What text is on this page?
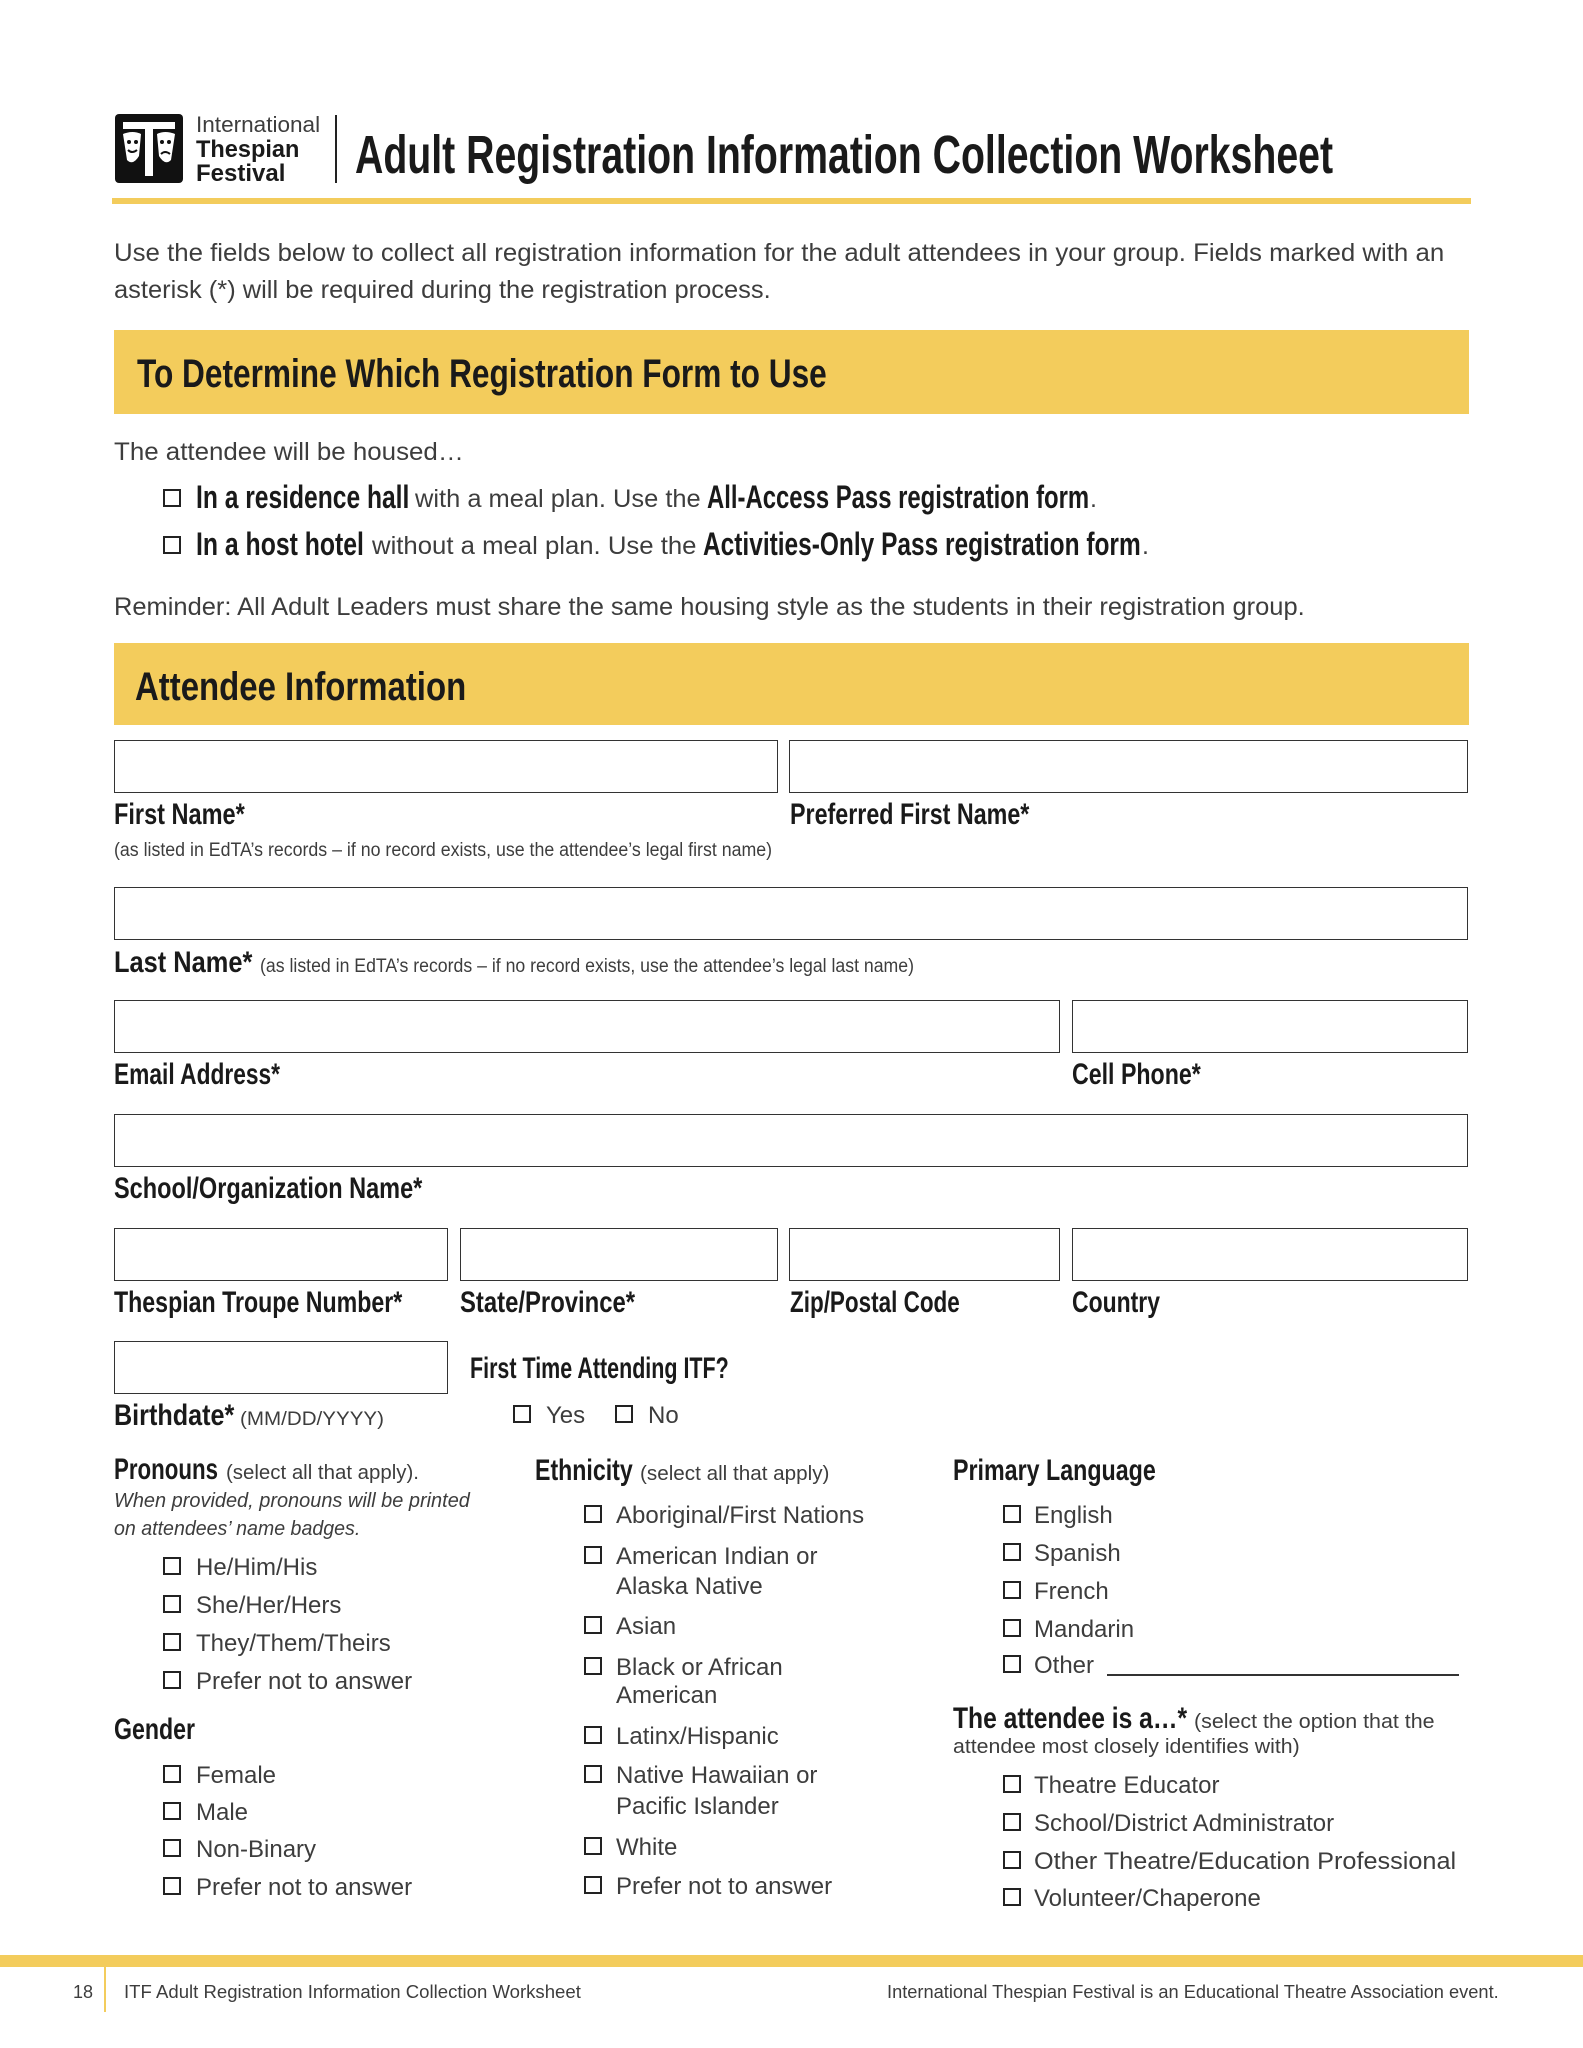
International
Thespian
Festival Adult Registration Information Collection Worksheet
Use the fields below to collect all registration information for the adult attendees in your group. Fields marked with an
asterisk (*) will be required during the registration process.
To Determine Which Registration Form to Use
The attendee will be housed…
In a residence hall with a meal plan. Use the All-Access Pass registration form .
In a host hotel without a meal plan. Use the Activities-Only Pass registration form .
Reminder: All Adult Leaders must share the same housing style as the students in their registration group.
Attendee Information
First Name*	Preferred First Name*
(as listed in EdTA’s records – if no record exists, use the attendee’s legal first name)
Last Name* (as listed in EdTA’s records – if no record exists, use the attendee’s legal last name)
Email Address*	Cell Phone*
School/Organization Name*
Thespian Troupe Number* State/Province*	Zip/Postal Code	Country
Birthdate* (MM/DD/YYYY)
First Time Attending ITF?
Yes	No
Pronouns (select all that apply).
When provided, pronouns will be printed
on attendees’ name badges.
He/Him/His
She/Her/Hers
They/Them/Theirs
Prefer not to answer
Gender
Female
Male
Non-Binary
Prefer not to answer
Ethnicity (select all that apply)
Aboriginal/First Nations
American Indian or
Alaska Native
Asian
Black or African
American
Latinx/Hispanic
Native Hawaiian or
Pacific Islander
White
Prefer not to answer
Primary Language
English
Spanish
French
Mandarin
Other
The attendee is a…* (select the option that the
attendee most closely identifies with)
Theatre Educator
School/District Administrator
Other Theatre/Education Professional
Volunteer/Chaperone
18 ITF Adult Registration Information Collection Worksheet	International Thespian Festival is an Educational Theatre Association event.
